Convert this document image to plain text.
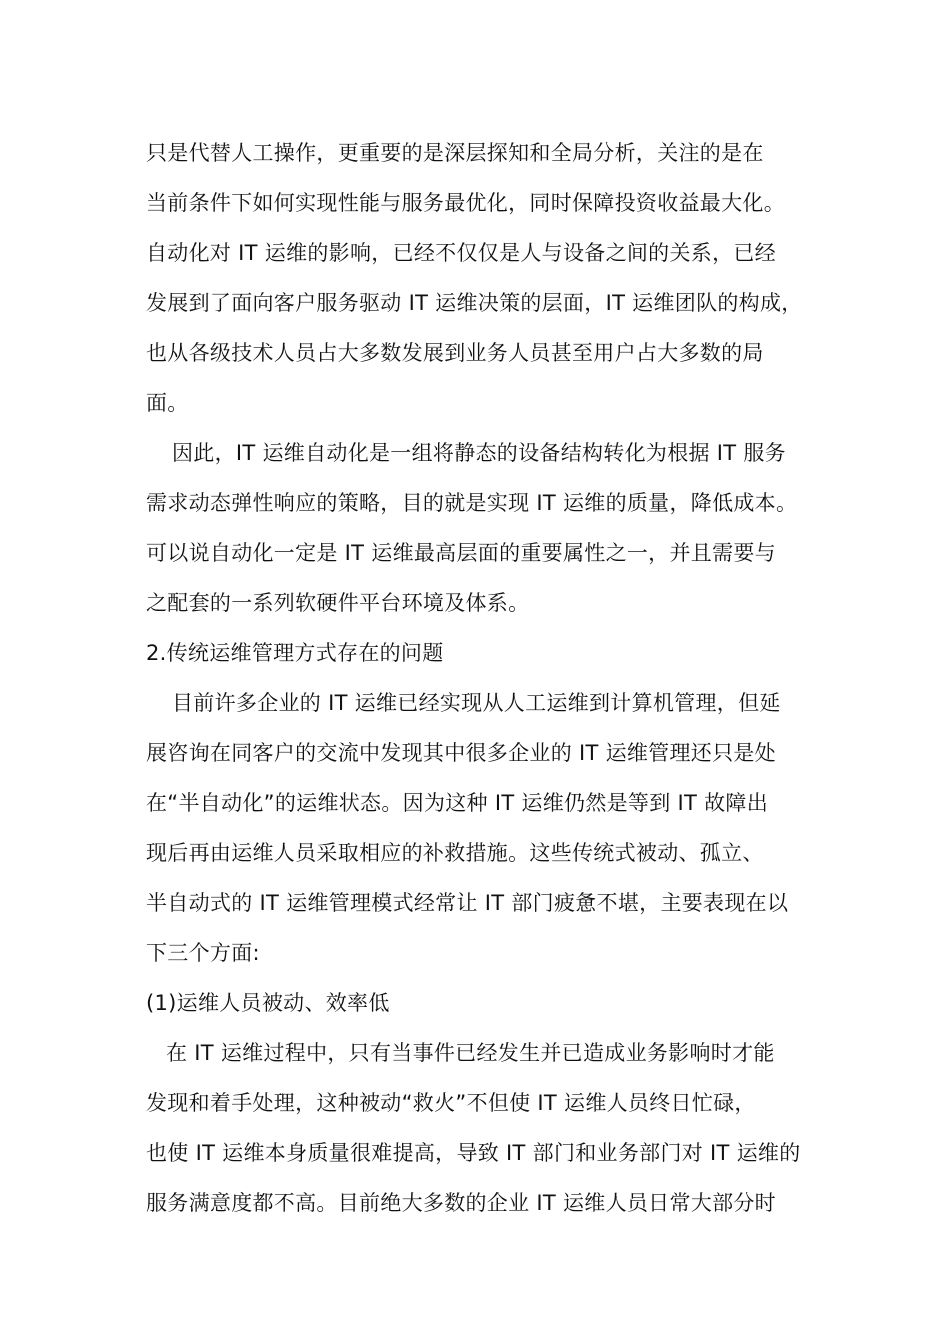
只是代替人工操作，更重要的是深层探知和全局分析，关注的是在
当前条件下如何实现性能与服务最优化，同时保障投资收益最大化。
自动化对 IT 运维的影响，已经不仅仅是人与设备之间的关系，已经
发展到了面向客户服务驱动 IT 运维决策的层面，IT 运维团队的构成，
也从各级技术人员占大多数发展到业务人员甚至用户占大多数的局
面。
因此，IT 运维自动化是一组将静态的设备结构转化为根据 IT 服务
需求动态弹性响应的策略，目的就是实现 IT 运维的质量，降低成本。
可以说自动化一定是 IT 运维最高层面的重要属性之一，并且需要与
之配套的一系列软硬件平台环境及体系。
2.传统运维管理方式存在的问题
目前许多企业的 IT 运维已经实现从人工运维到计算机管理，但延
展咨询在同客户的交流中发现其中很多企业的 IT 运维管理还只是处
在“半自动化”的运维状态。因为这种 IT 运维仍然是等到 IT 故障出
现后再由运维人员采取相应的补救措施。这些传统式被动、孤立、
半自动式的 IT 运维管理模式经常让 IT 部门疲惫不堪，主要表现在以
下三个方面:
(1)运维人员被动、效率低
在 IT 运维过程中，只有当事件已经发生并已造成业务影响时才能
发现和着手处理，这种被动“救火”不但使 IT 运维人员终日忙碌，
也使 IT 运维本身质量很难提高，导致 IT 部门和业务部门对 IT 运维的
服务满意度都不高。目前绝大多数的企业 IT 运维人员日常大部分时
